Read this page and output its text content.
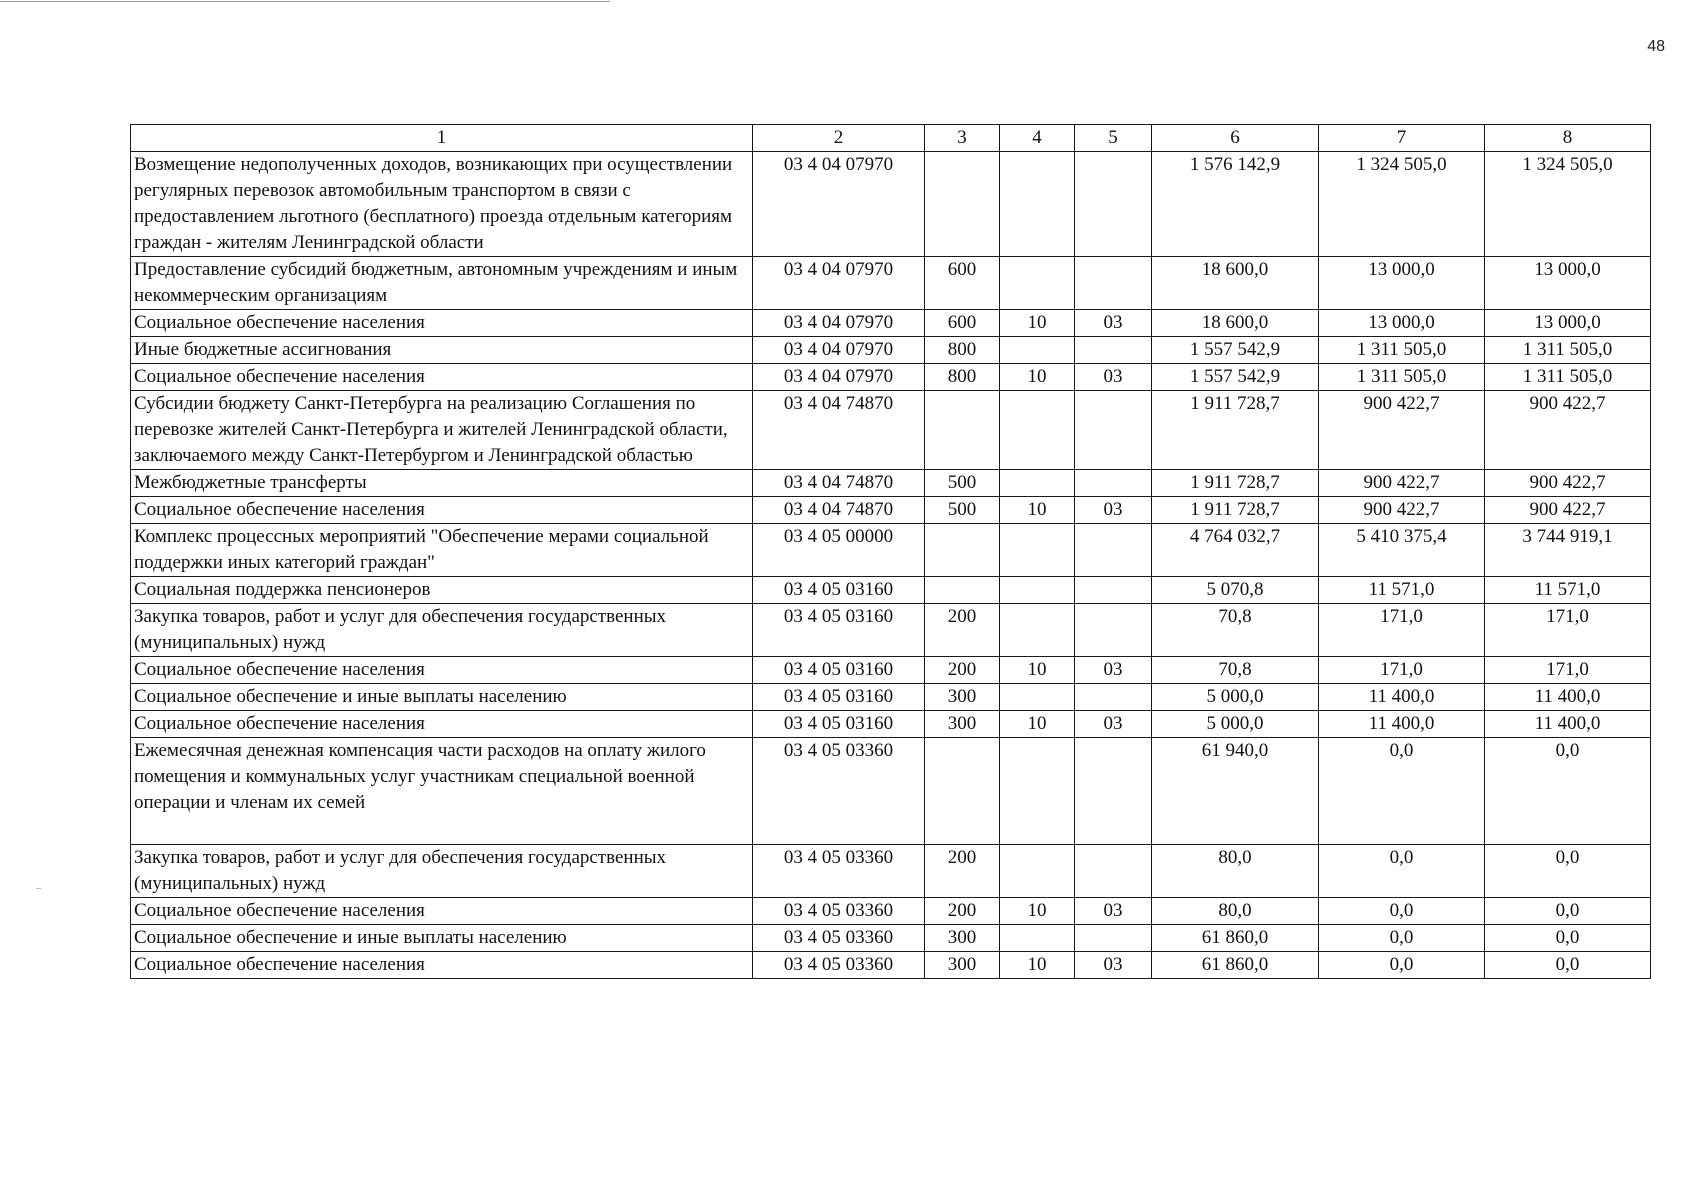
48
1	2	3	4	5	6	7	8
Возмещение недополученных доходов, возникающих при осуществлении регулярных перевозок автомобильным транспортом в связи с предоставлением льготного (бесплатного) проезда отдельным категориям граждан - жителям Ленинградской области	03 4 04 07970				1 576 142,9	1 324 505,0	1 324 505,0
Предоставление субсидий бюджетным, автономным учреждениям и иным некоммерческим организациям	03 4 04 07970	600			18 600,0	13 000,0	13 000,0
Социальное обеспечение населения	03 4 04 07970	600	10	03	18 600,0	13 000,0	13 000,0
Иные бюджетные ассигнования	03 4 04 07970	800			1 557 542,9	1 311 505,0	1 311 505,0
Социальное обеспечение населения	03 4 04 07970	800	10	03	1 557 542,9	1 311 505,0	1 311 505,0
Субсидии бюджету Санкт-Петербурга на реализацию Соглашения по перевозке жителей Санкт-Петербурга и жителей Ленинградской области, заключаемого между Санкт-Петербургом и Ленинградской областью	03 4 04 74870				1 911 728,7	900 422,7	900 422,7
Межбюджетные трансферты	03 4 04 74870	500			1 911 728,7	900 422,7	900 422,7
Социальное обеспечение населения	03 4 04 74870	500	10	03	1 911 728,7	900 422,7	900 422,7
Комплекс процессных мероприятий "Обеспечение мерами социальной поддержки иных категорий граждан"	03 4 05 00000				4 764 032,7	5 410 375,4	3 744 919,1
Социальная поддержка пенсионеров	03 4 05 03160				5 070,8	11 571,0	11 571,0
Закупка товаров, работ и услуг для обеспечения государственных (муниципальных) нужд	03 4 05 03160	200			70,8	171,0	171,0
Социальное обеспечение населения	03 4 05 03160	200	10	03	70,8	171,0	171,0
Социальное обеспечение и иные выплаты населению	03 4 05 03160	300			5 000,0	11 400,0	11 400,0
Социальное обеспечение населения	03 4 05 03160	300	10	03	5 000,0	11 400,0	11 400,0
Ежемесячная денежная компенсация части расходов на оплату жилого помещения и коммунальных услуг участникам специальной военной операции и членам их семей	03 4 05 03360				61 940,0	0,0	0,0
Закупка товаров, работ и услуг для обеспечения государственных (муниципальных) нужд	03 4 05 03360	200			80,0	0,0	0,0
Социальное обеспечение населения	03 4 05 03360	200	10	03	80,0	0,0	0,0
Социальное обеспечение и иные выплаты населению	03 4 05 03360	300			61 860,0	0,0	0,0
Социальное обеспечение населения	03 4 05 03360	300	10	03	61 860,0	0,0	0,0
